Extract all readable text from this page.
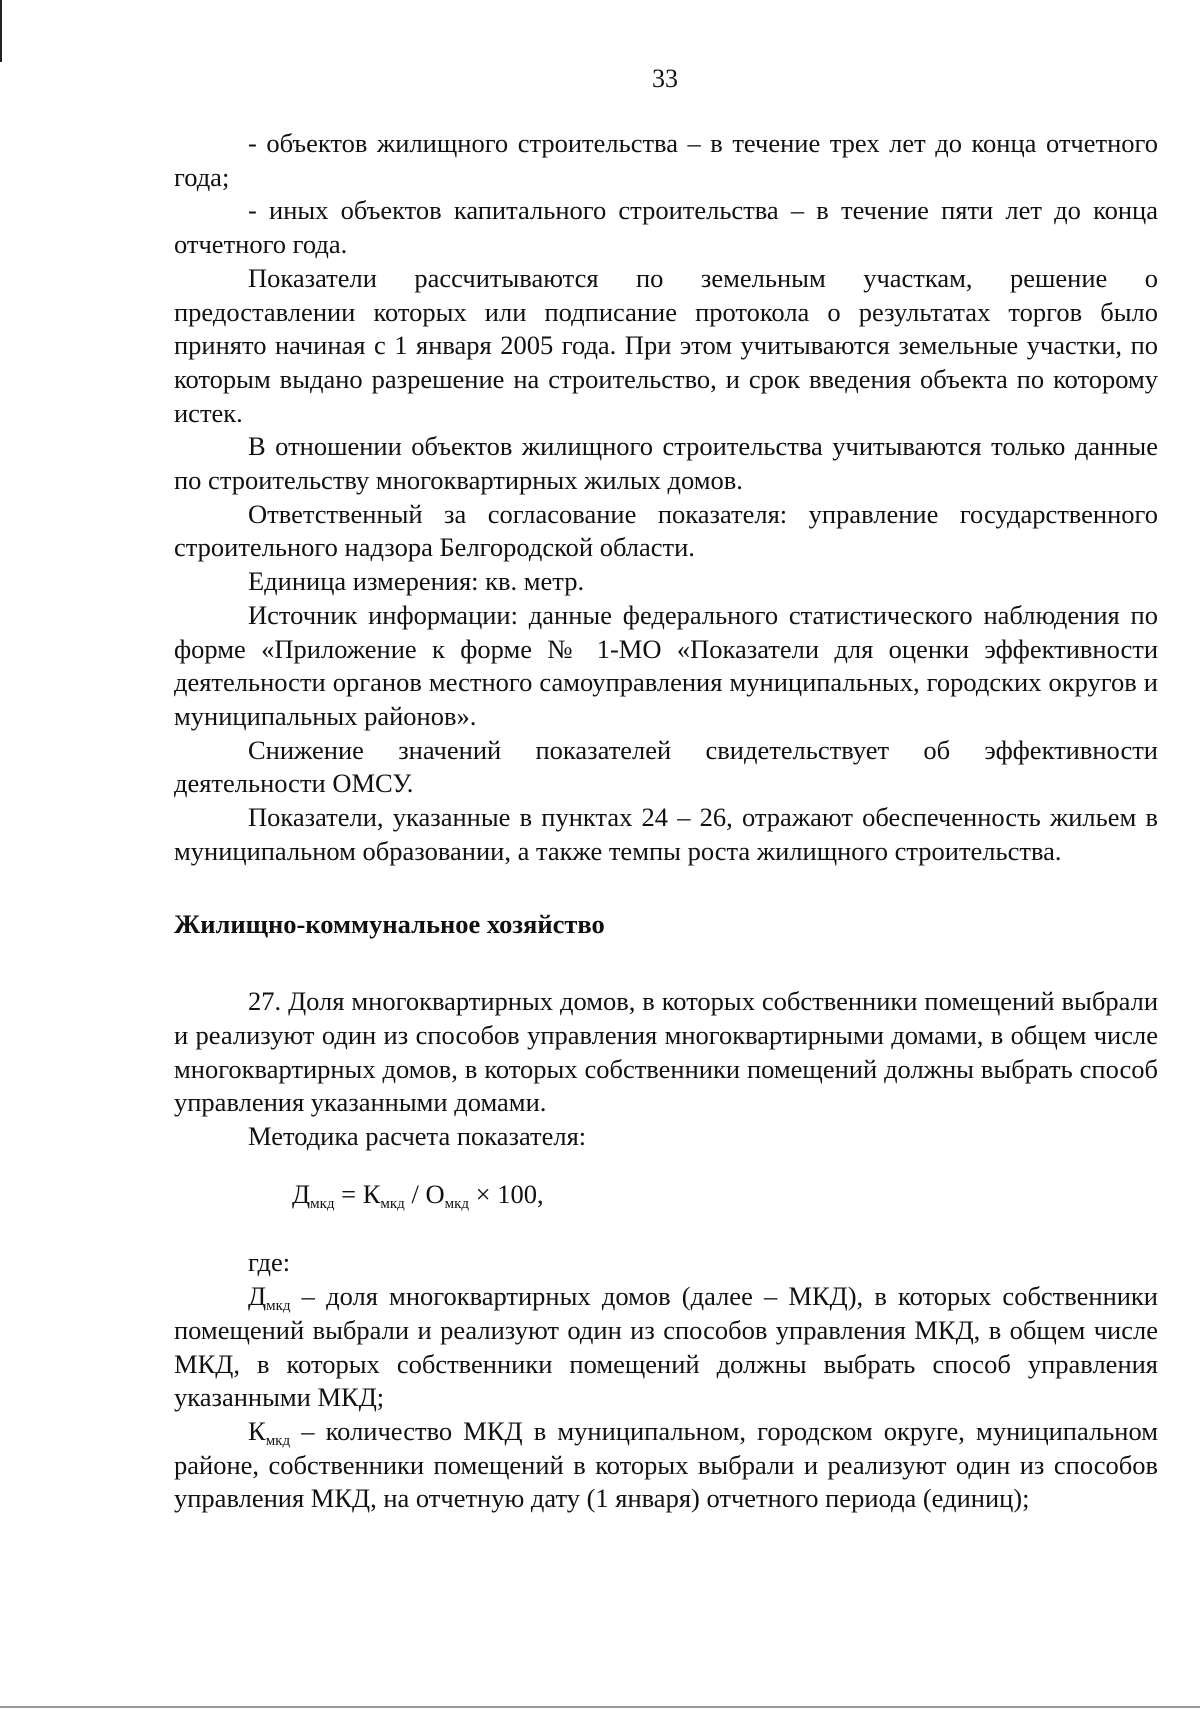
33

- объектов жилищного строительства – в течение трех лет до конца отчетного года;

- иных объектов капитального строительства – в течение пяти лет до конца отчетного года.

Показатели рассчитываются по земельным участкам, решение о предоставлении которых или подписание протокола о результатах торгов было принято начиная с 1 января 2005 года. При этом учитываются земельные участки, по которым выдано разрешение на строительство, и срок введения объекта по которому истек.

В отношении объектов жилищного строительства учитываются только данные по строительству многоквартирных жилых домов.

Ответственный за согласование показателя: управление государственного строительного надзора Белгородской области.

Единица измерения: кв. метр.

Источник информации: данные федерального статистического наблюдения по форме «Приложение к форме № 1-МО «Показатели для оценки эффективности деятельности органов местного самоуправления муниципальных, городских округов и муниципальных районов».

Снижение значений показателей свидетельствует об эффективности деятельности ОМСУ.

Показатели, указанные в пунктах 24 – 26, отражают обеспеченность жильем в муниципальном образовании, а также темпы роста жилищного строительства.

Жилищно-коммунальное хозяйство

27. Доля многоквартирных домов, в которых собственники помещений выбрали и реализуют один из способов управления многоквартирными домами, в общем числе многоквартирных домов, в которых собственники помещений должны выбрать способ управления указанными домами.

Методика расчета показателя:

$Д_{мкд} = К_{мкд} / О_{мкд} \times 100$,

где:

Дмкд – доля многоквартирных домов (далее – МКД), в которых собственники помещений выбрали и реализуют один из способов управления МКД, в общем числе МКД, в которых собственники помещений должны выбрать способ управления указанными МКД;

Кмкд – количество МКД в муниципальном, городском округе, муниципальном районе, собственники помещений в которых выбрали и реализуют один из способов управления МКД, на отчетную дату (1 января) отчетного периода (единиц);
